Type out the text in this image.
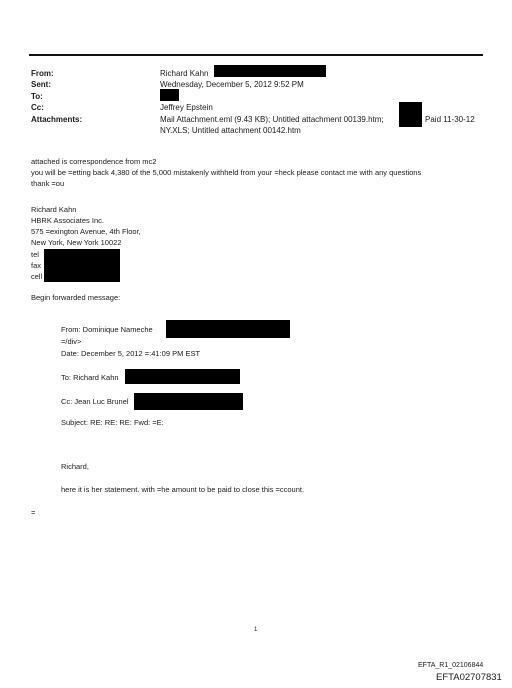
From:
Sent:
To:
Cc:
Attachments:
Richard Kahn
Wednesday, December 5, 2012 9:52 PM
Jeffrey Epstein
Mail Attachment.eml (9.43 KB); Untitled attachment 00139.htm;	Paid 11-30-12
NY.XLS; Untitled attachment 00142.htm
attached is correspondence from mc2
you will be =etting back 4,380 of the 5,000 mistakenly withheld from your =heck please contact me with any questions
thank =ou
Richard Kahn
HBRK Associates Inc.
575 =exington Avenue, 4th Floor,
New York, New York 10022
tel
fax
cell
Begin forwarded message:
From: Dominique Nameche
=/div>
Date: December 5, 2012 =:41:09 PM EST
To: Richard Kahn
Cc: Jean Luc Brunel
Subject: RE: RE: RE: Fwd: =E:
Richard,
here it is her statement. with =he amount to be paid to close this =ccount.
=
1
EFTA_R1_02106844
EFTA02707831
